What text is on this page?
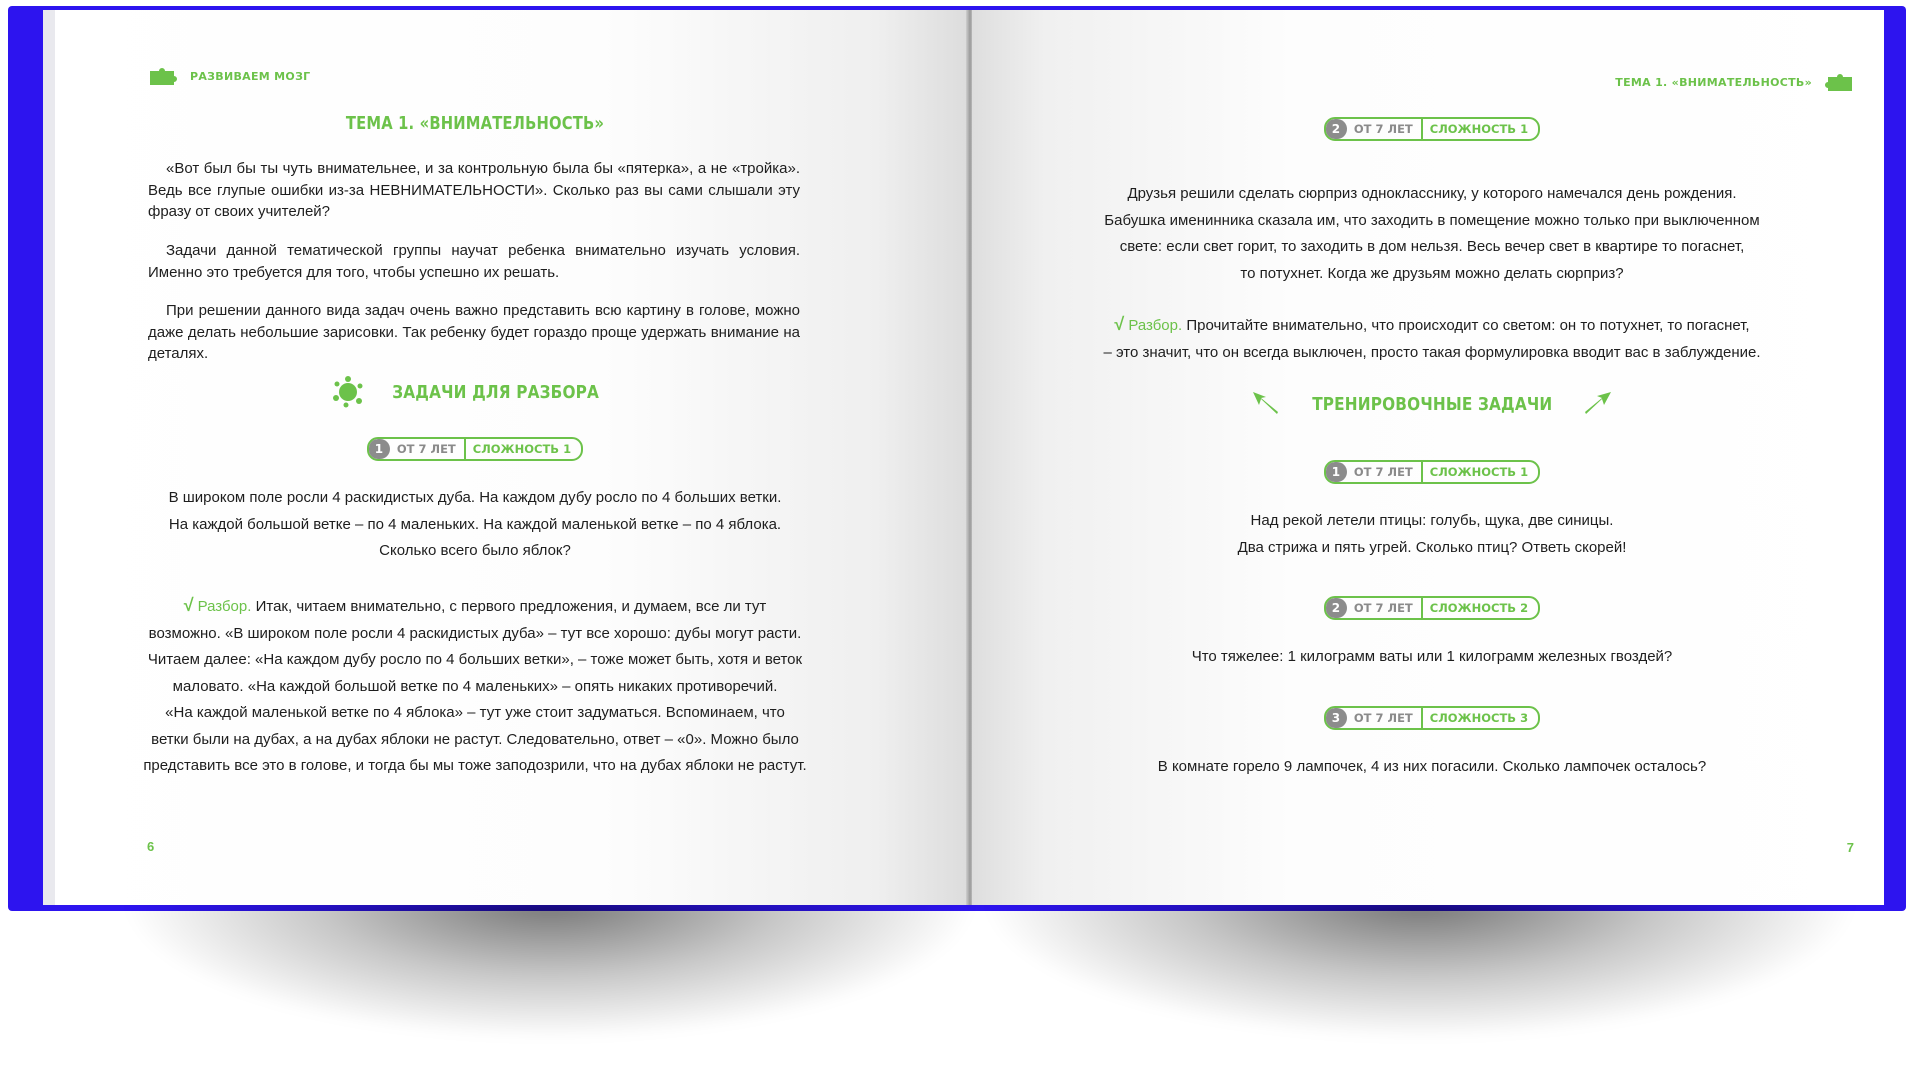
РАЗВИВАЕМ МОЗГ
ТЕМА 1. «ВНИМАТЕЛЬНОСТЬ»
«Вот был бы ты чуть внимательнее, и за контрольную была бы «пятерка», а не «тройка». Ведь все глупые ошибки из-за НЕВНИМАТЕЛЬНОСТИ». Сколько раз вы сами слышали эту фразу от своих учителей?
Задачи данной тематической группы научат ребенка внимательно изучать условия. Именно это требуется для того, чтобы успешно их решать.
При решении данного вида задач очень важно представить всю картину в голове, можно даже делать небольшие зарисовки. Так ребенку будет гораздо проще удержать внимание на деталях.
ЗАДАЧИ ДЛЯ РАЗБОРА
1	ОТ 7 ЛЕТ	СЛОЖНОСТЬ 1
В широком поле росли 4 раскидистых дуба. На каждом дубу росло по 4 больших ветки.
На каждой большой ветке – по 4 маленьких. На каждой маленькой ветке – по 4 яблока.
Сколько всего было яблок?
√ Разбор. Итак, читаем внимательно, с первого предложения, и думаем, все ли тут
возможно. «В широком поле росли 4 раскидистых дуба» – тут все хорошо: дубы могут расти.
Читаем далее: «На каждом дубу росло по 4 больших ветки», – тоже может быть, хотя и веток
маловато. «На каждой большой ветке по 4 маленьких» – опять никаких противоречий.
«На каждой маленькой ветке по 4 яблока» – тут уже стоит задуматься. Вспоминаем, что
ветки были на дубах, а на дубах яблоки не растут. Следовательно, ответ – «0». Можно было
представить все это в голове, и тогда бы мы тоже заподозрили, что на дубах яблоки не растут.
6
ТЕМА 1. «ВНИМАТЕЛЬНОСТЬ»
2	ОТ 7 ЛЕТ	СЛОЖНОСТЬ 1
Друзья решили сделать сюрприз однокласснику, у которого намечался день рождения.
Бабушка именинника сказала им, что заходить в помещение можно только при выключенном
свете: если свет горит, то заходить в дом нельзя. Весь вечер свет в квартире то погаснет,
то потухнет. Когда же друзьям можно делать сюрприз?
√ Разбор. Прочитайте внимательно, что происходит со светом: он то потухнет, то погаснет,
– это значит, что он всегда выключен, просто такая формулировка вводит вас в заблуждение.
ТРЕНИРОВОЧНЫЕ ЗАДАЧИ
1	ОТ 7 ЛЕТ	СЛОЖНОСТЬ 1
Над рекой летели птицы: голубь, щука, две синицы.
Два стрижа и пять угрей. Сколько птиц? Ответь скорей!
2	ОТ 7 ЛЕТ	СЛОЖНОСТЬ 2
Что тяжелее: 1 килограмм ваты или 1 килограмм железных гвоздей?
3	ОТ 7 ЛЕТ	СЛОЖНОСТЬ 3
В комнате горело 9 лампочек, 4 из них погасили. Сколько лампочек осталось?
7
